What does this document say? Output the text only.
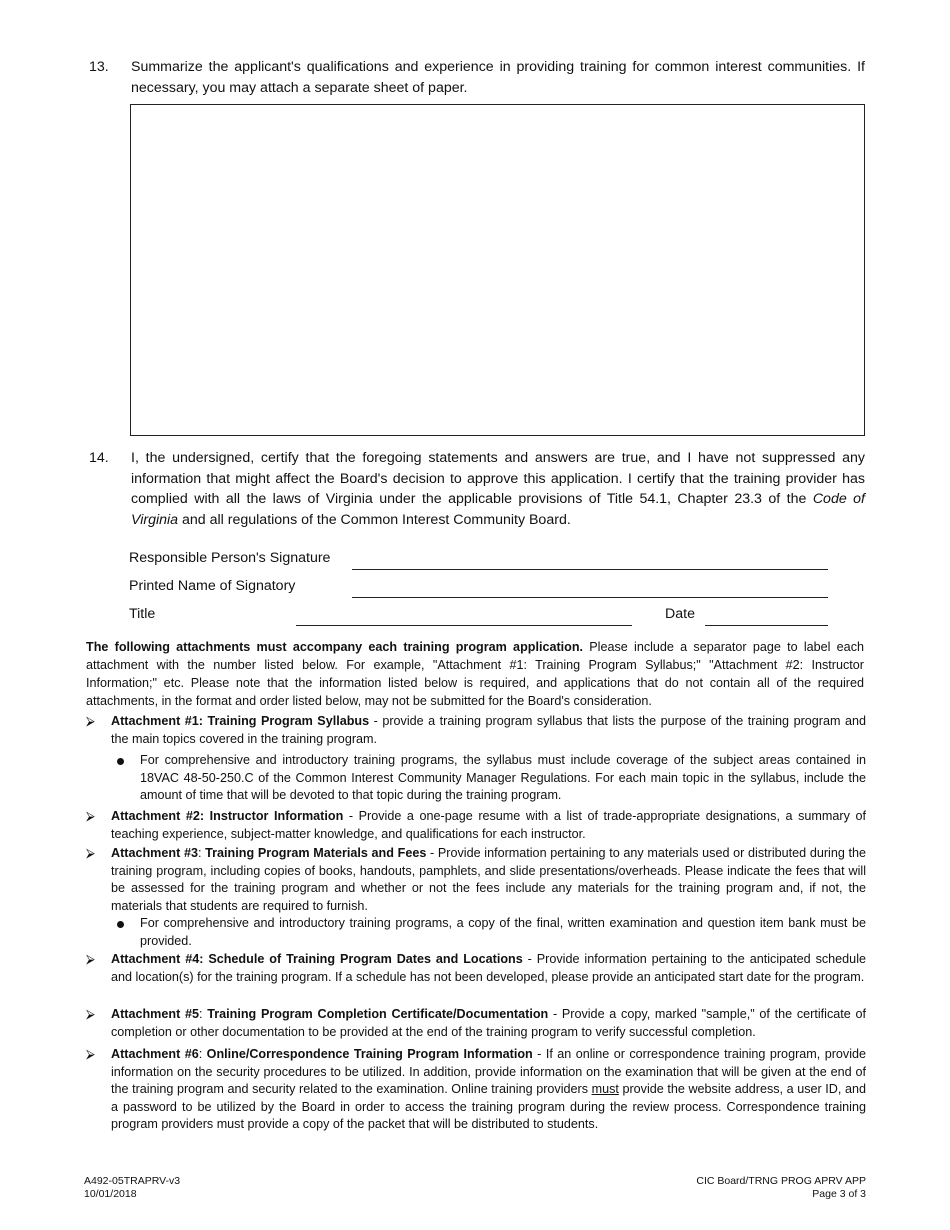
13. Summarize the applicant's qualifications and experience in providing training for common interest communities. If necessary, you may attach a separate sheet of paper.
14. I, the undersigned, certify that the foregoing statements and answers are true, and I have not suppressed any information that might affect the Board's decision to approve this application. I certify that the training provider has complied with all the laws of Virginia under the applicable provisions of Title 54.1, Chapter 23.3 of the Code of Virginia and all regulations of the Common Interest Community Board.
Responsible Person's Signature
Printed Name of Signatory
Title	Date
The following attachments must accompany each training program application. Please include a separator page to label each attachment with the number listed below. For example, "Attachment #1: Training Program Syllabus;" "Attachment #2: Instructor Information;" etc. Please note that the information listed below is required, and applications that do not contain all of the required attachments, in the format and order listed below, may not be submitted for the Board's consideration.
⮚	Attachment #1: Training Program Syllabus - provide a training program syllabus that lists the purpose of the training program and the main topics covered in the training program.
For comprehensive and introductory training programs, the syllabus must include coverage of the subject areas contained in 18VAC 48-50-250.C of the Common Interest Community Manager Regulations. For each main topic in the syllabus, include the amount of time that will be devoted to that topic during the training program.
⮚	Attachment #2: Instructor Information - Provide a one-page resume with a list of trade-appropriate designations, a summary of teaching experience, subject-matter knowledge, and qualifications for each instructor.
⮚	Attachment #3: Training Program Materials and Fees - Provide information pertaining to any materials used or distributed during the training program, including copies of books, handouts, pamphlets, and slide presentations/overheads. Please indicate the fees that will be assessed for the training program and whether or not the fees include any materials for the training program and, if not, the materials that students are required to furnish.
For comprehensive and introductory training programs, a copy of the final, written examination and question item bank must be provided.
⮚	Attachment #4: Schedule of Training Program Dates and Locations - Provide information pertaining to the anticipated schedule and location(s) for the training program. If a schedule has not been developed, please provide an anticipated start date for the program.
⮚	Attachment #5: Training Program Completion Certificate/Documentation - Provide a copy, marked "sample," of the certificate of completion or other documentation to be provided at the end of the training program to verify successful completion.
⮚	Attachment #6: Online/Correspondence Training Program Information - If an online or correspondence training program, provide information on the security procedures to be utilized. In addition, provide information on the examination that will be given at the end of the training program and security related to the examination. Online training providers must provide the website address, a user ID, and a password to be utilized by the Board in order to access the training program during the review process. Correspondence training program providers must provide a copy of the packet that will be distributed to students.
A492-05TRAPRV-v3
10/01/2018
CIC Board/TRNG PROG APRV APP
Page 3 of 3
